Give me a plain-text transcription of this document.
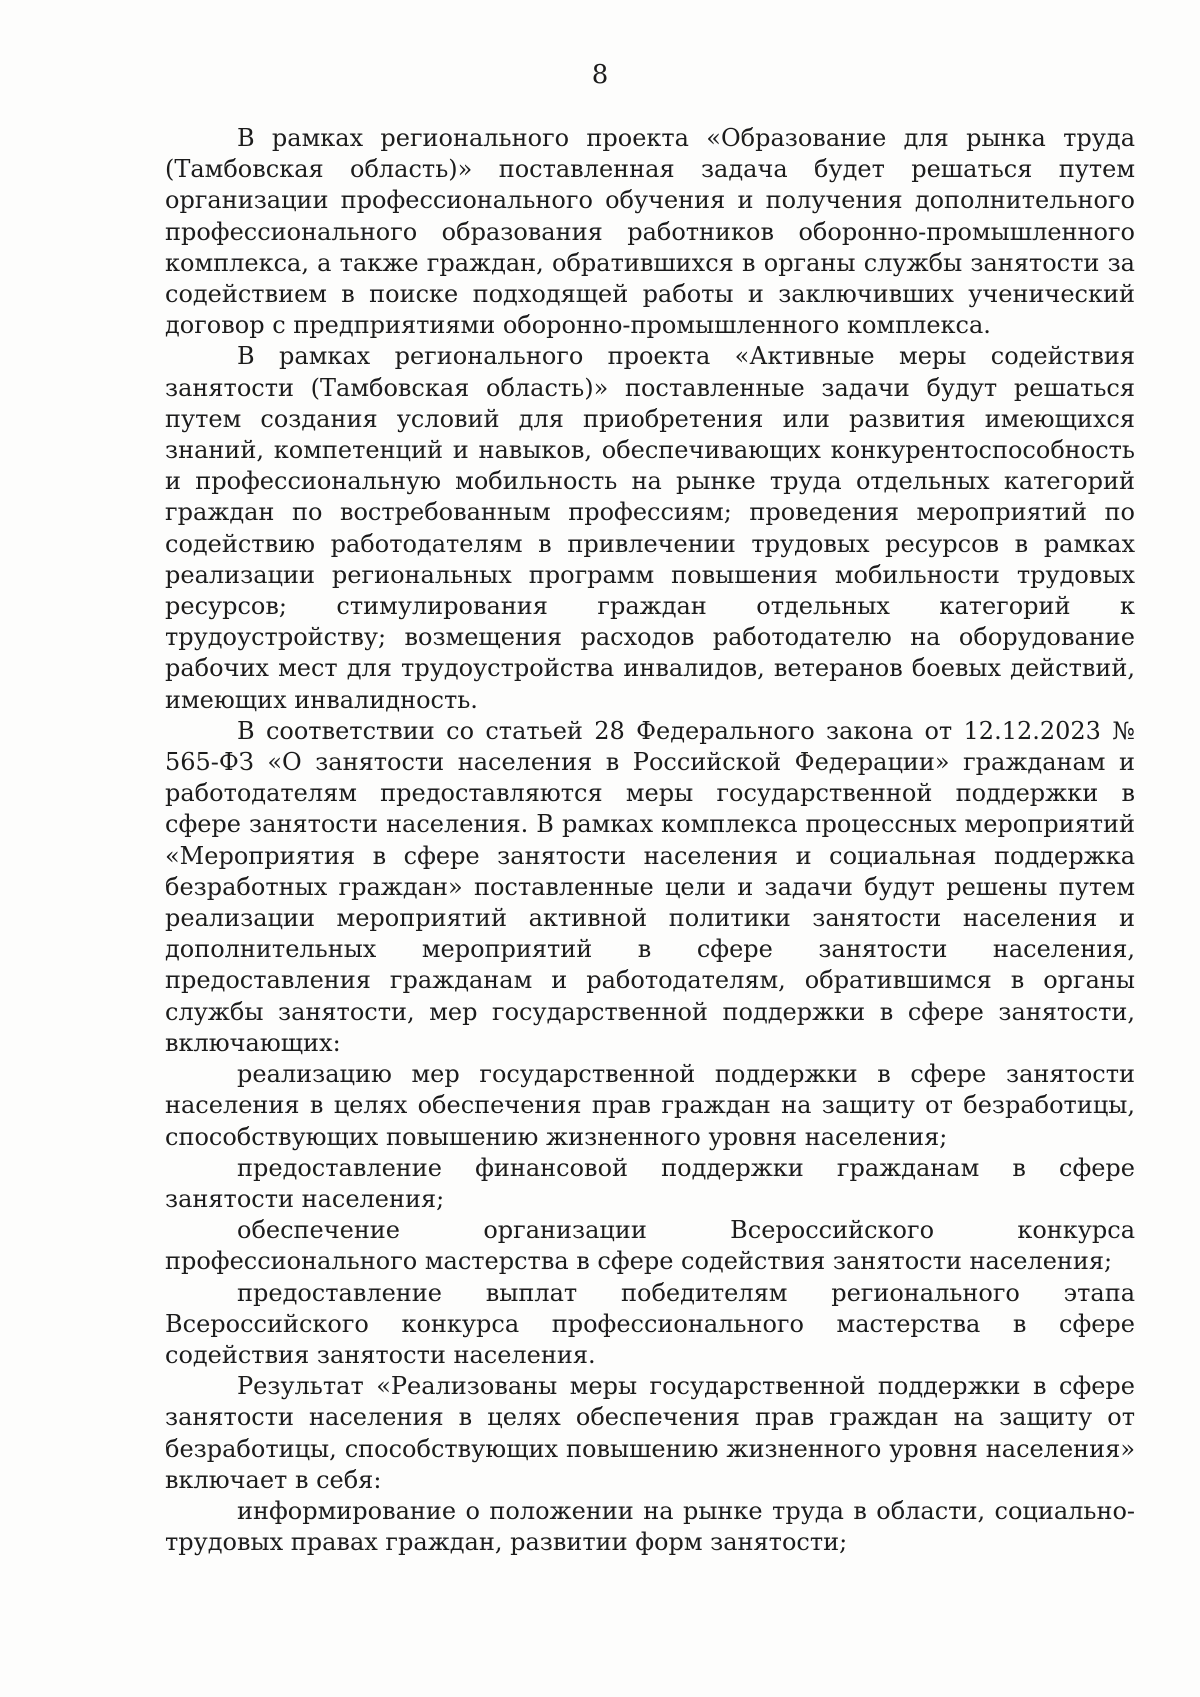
8

В рамках регионального проекта «Образование для рынка труда (Тамбовская область)» поставленная задача будет решаться путем организации профессионального обучения и получения дополнительного профессионального образования работников оборонно-промышленного комплекса, а также граждан, обратившихся в органы службы занятости за содействием в поиске подходящей работы и заключивших ученический договор с предприятиями оборонно-промышленного комплекса.

В рамках регионального проекта «Активные меры содействия занятости (Тамбовская область)» поставленные задачи будут решаться путем создания условий для приобретения или развития имеющихся знаний, компетенций и навыков, обеспечивающих конкурентоспособность и профессиональную мобильность на рынке труда отдельных категорий граждан по востребованным профессиям; проведения мероприятий по содействию работодателям в привлечении трудовых ресурсов в рамках реализации региональных программ повышения мобильности трудовых ресурсов; стимулирования граждан отдельных категорий к трудоустройству; возмещения расходов работодателю на оборудование рабочих мест для трудоустройства инвалидов, ветеранов боевых действий, имеющих инвалидность.

В соответствии со статьей 28 Федерального закона от 12.12.2023 № 565-ФЗ «О занятости населения в Российской Федерации» гражданам и работодателям предоставляются меры государственной поддержки в сфере занятости населения. В рамках комплекса процессных мероприятий «Мероприятия в сфере занятости населения и социальная поддержка безработных граждан» поставленные цели и задачи будут решены путем реализации мероприятий активной политики занятости населения и дополнительных мероприятий в сфере занятости населения, предоставления гражданам и работодателям, обратившимся в органы службы занятости, мер государственной поддержки в сфере занятости, включающих:

реализацию мер государственной поддержки в сфере занятости населения в целях обеспечения прав граждан на защиту от безработицы, способствующих повышению жизненного уровня населения;

предоставление финансовой поддержки гражданам в сфере занятости населения;

обеспечение организации Всероссийского конкурса профессионального мастерства в сфере содействия занятости населения;

предоставление выплат победителям регионального этапа Всероссийского конкурса профессионального мастерства в сфере содействия занятости населения.

Результат «Реализованы меры государственной поддержки в сфере занятости населения в целях обеспечения прав граждан на защиту от безработицы, способствующих повышению жизненного уровня населения» включает в себя:

информирование о положении на рынке труда в области, социально-трудовых правах граждан, развитии форм занятости;
